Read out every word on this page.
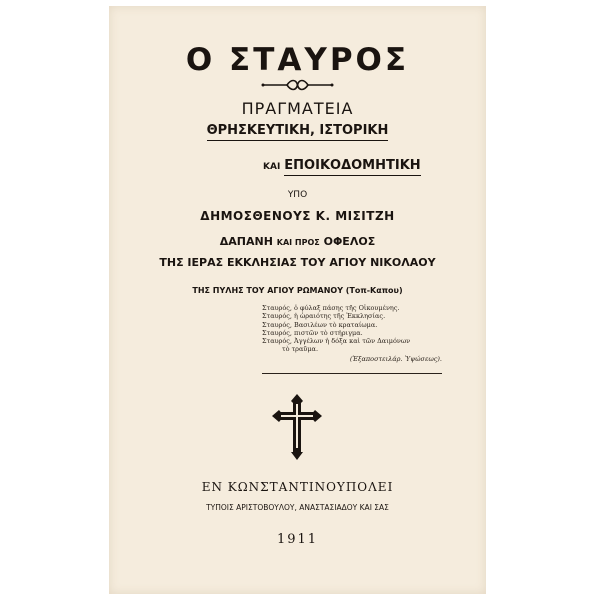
Ο ΣΤΑΥΡΟΣ
ΠΡΑΓΜΑΤΕΙΑ
ΘΡΗΣΚΕΥΤΙΚΗ, ΙΣΤΟΡΙΚΗ
ΚΑΙ ΕΠΟΙΚΟΔΟΜΗΤΙΚΗ
ΥΠΟ
ΔΗΜΟΣΘΕΝΟΥΣ Κ. ΜΙΣΙΤΖΗ
ΔΑΠΑΝΗ ΚΑΙ ΠΡΟΣ ΟΦΕΛΟΣ
ΤΗΣ ΙΕΡΑΣ ΕΚΚΛΗΣΙΑΣ ΤΟΥ ΑΓΙΟΥ ΝΙΚΟΛΑΟΥ
ΤΗΣ ΠΥΛΗΣ ΤΟΥ ΑΓΙΟΥ ΡΩΜΑΝΟΥ (Τοπ-Καπου)
Σταυρός, ὁ φύλαξ πάσης τῆς Οἰκουμένης.
Σταυρός, ἡ ὡραιότης τῆς Ἐκκλησίας.
Σταυρός, Βασιλέων τὸ κραταίωμα.
Σταυρός, πιστῶν τὸ στήριγμα.
Σταυρός, Ἀγγέλων ἡ δόξα καὶ τῶν Δαιμόνων
τὸ τραῦμα.
(Ἐξαποστειλάρ. Ὑψώσεως).
ΕΝ ΚΩΝΣΤΑΝΤΙΝΟΥΠΟΛΕΙ
ΤΥΠΟΙΣ ΑΡΙΣΤΟΒΟΥΛΟΥ, ΑΝΑΣΤΑΣΙΑΔΟΥ ΚΑΙ ΣΑΣ
1911
